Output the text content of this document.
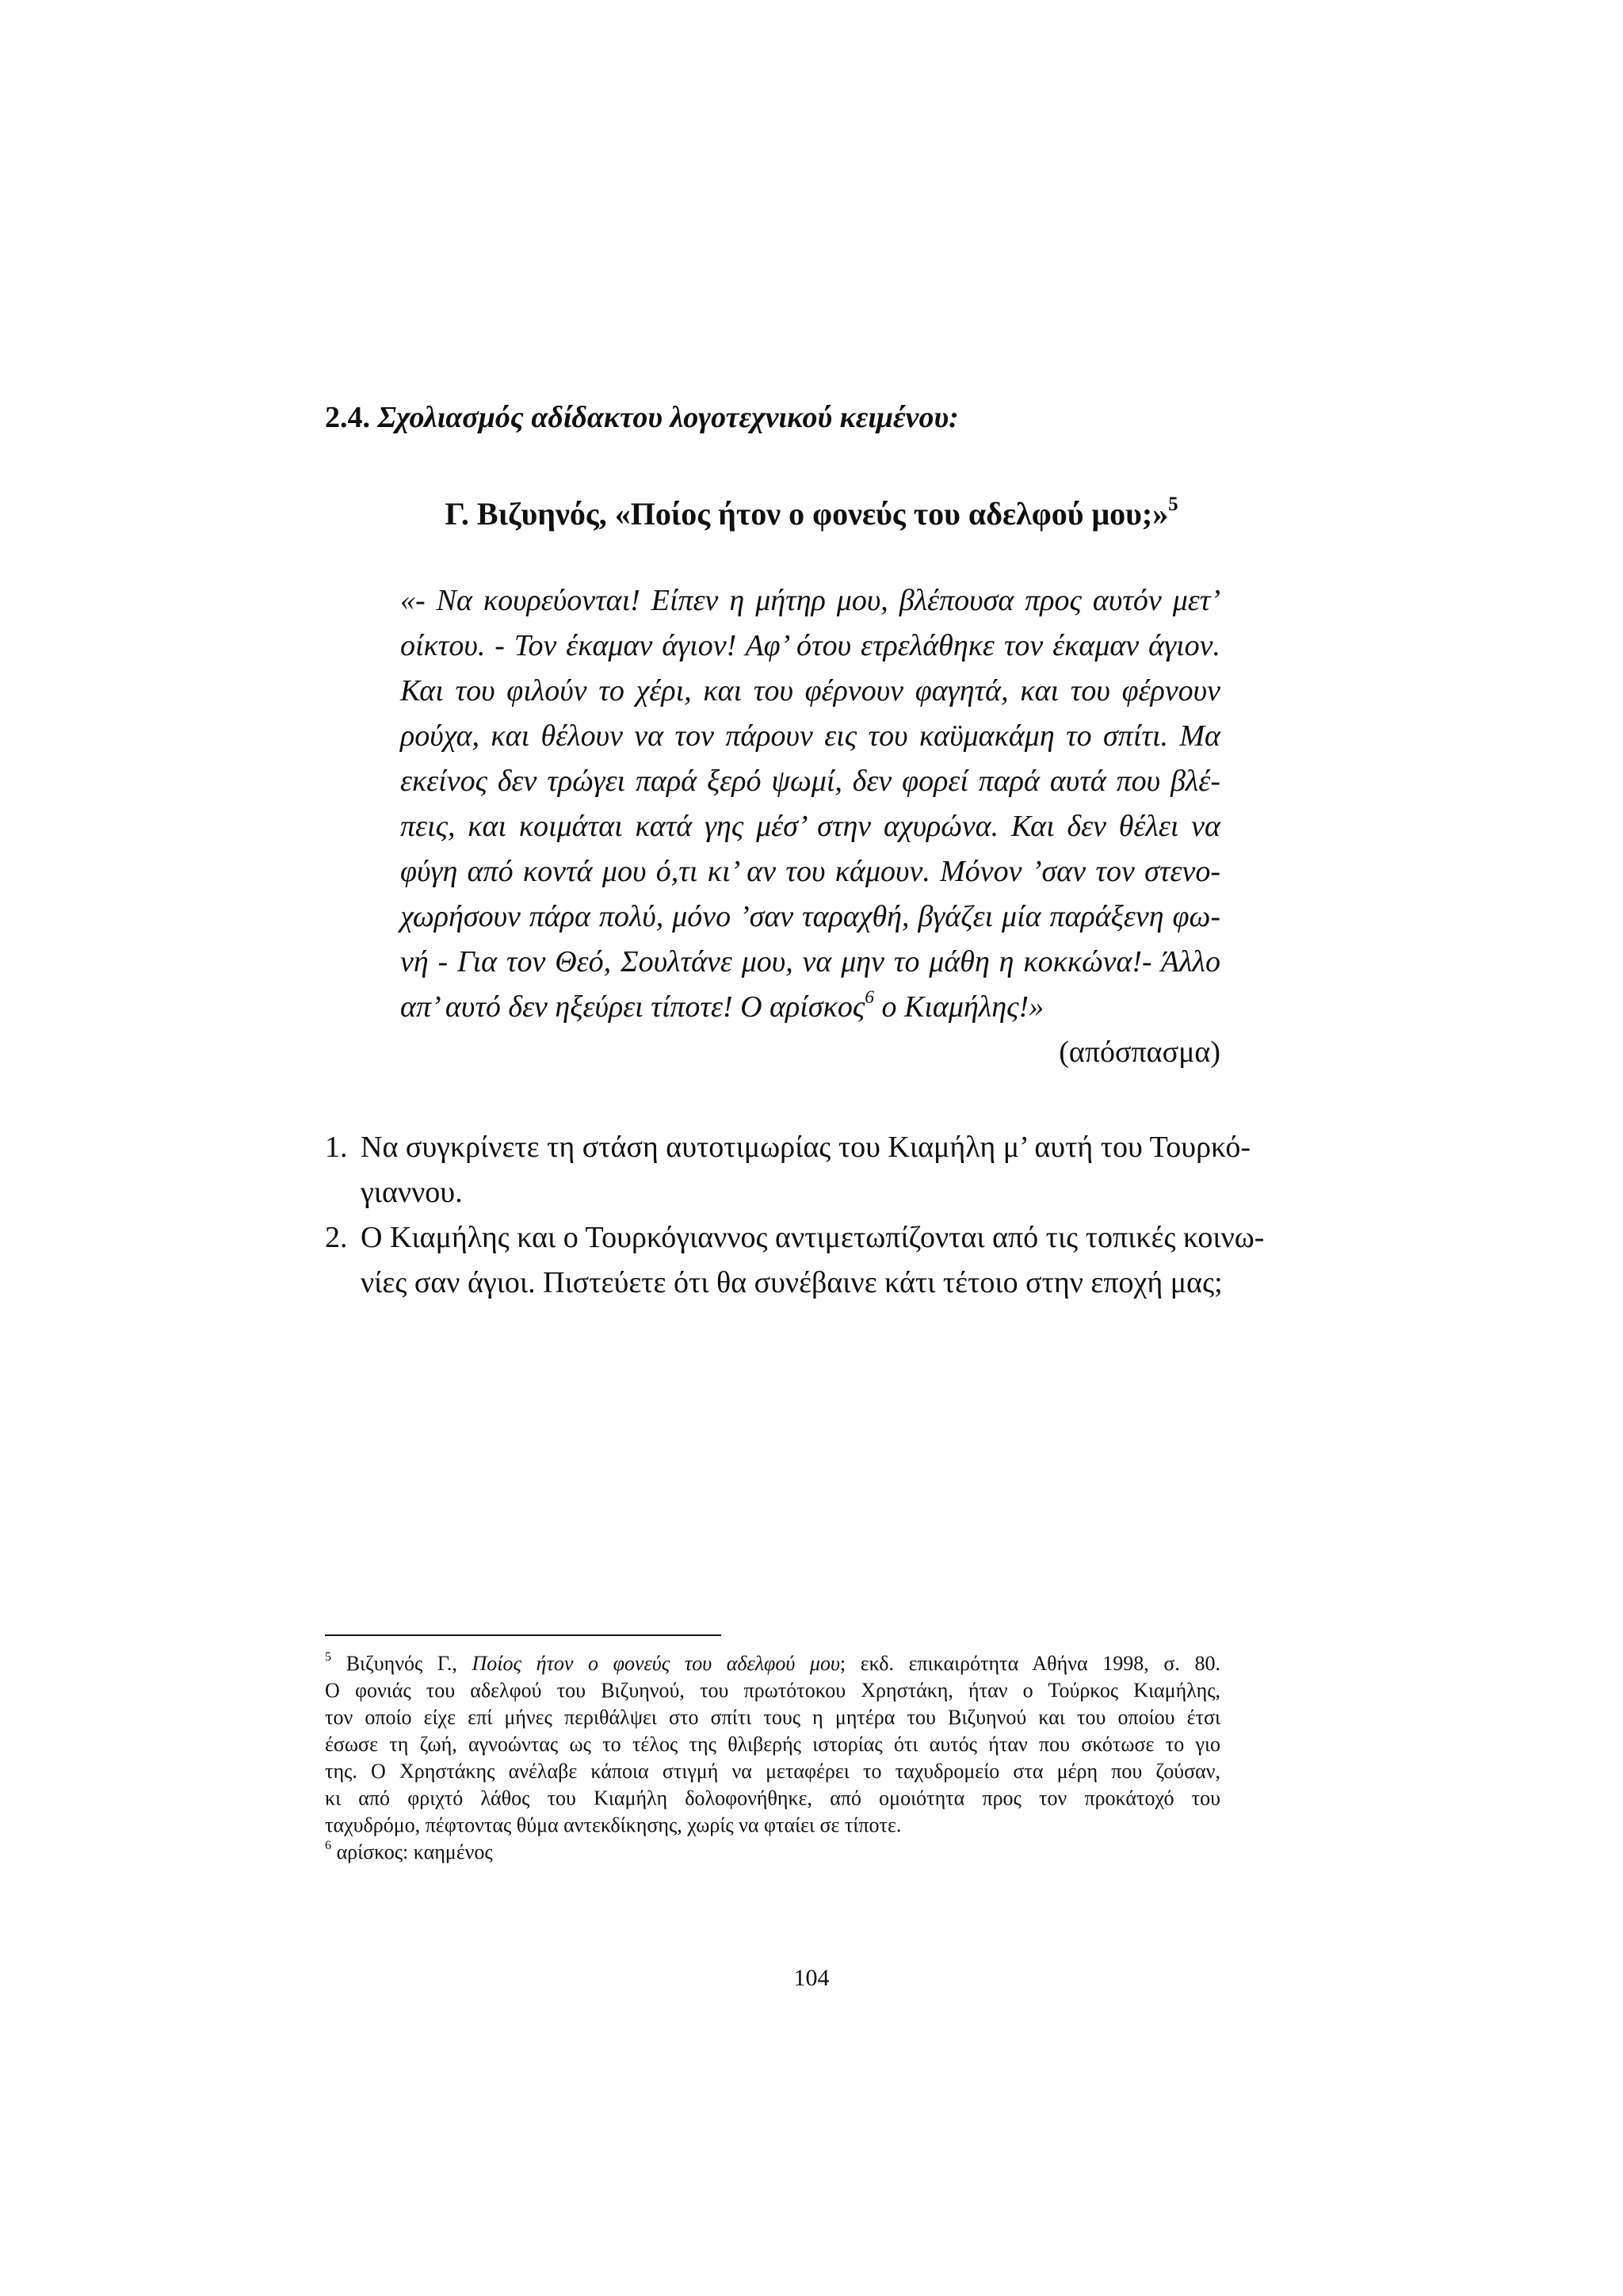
2.4. Σχολιασμός αδίδακτου λογοτεχνικού κειμένου:
Γ. Βιζυηνός, «Ποίος ήτον ο φονεύς του αδελφού μου;»$^5$
«- Να κουρεύονται! Είπεν η μήτηρ μου, βλέπουσα προς αυτόν μετ’
οίκτου. - Τον έκαμαν άγιον! Αφ’ ότου ετρελάθηκε τον έκαμαν άγιον.
Και του φιλούν το χέρι, και του φέρνουν φαγητά, και του φέρνουν
ρούχα, και θέλουν να τον πάρουν εις του καϋμακάμη το σπίτι. Μα
εκείνος δεν τρώγει παρά ξερό ψωμί, δεν φορεί παρά αυτά που βλέ-
πεις, και κοιμάται κατά γης μέσ’ στην αχυρώνα. Και δεν θέλει να
φύγη από κοντά μου ό,τι κι’ αν του κάμουν. Μόνον ’σαν τον στενο-
χωρήσουν πάρα πολύ, μόνο ’σαν ταραχθή, βγάζει μία παράξενη φω-
νή - Για τον Θεό, Σουλτάνε μου, να μην το μάθη η κοκκώνα!- Άλλο
απ’ αυτό δεν ηξεύρει τίποτε! Ο αρίσκος$^6$ ο Κιαμήλης!»
(απόσπασμα)
1. Να συγκρίνετε τη στάση αυτοτιμωρίας του Κιαμήλη μ’ αυτή του Τουρκό-
γιαννου.
2. Ο Κιαμήλης και ο Τουρκόγιαννος αντιμετωπίζονται από τις τοπικές κοινω-
νίες σαν άγιοι. Πιστεύετε ότι θα συνέβαινε κάτι τέτοιο στην εποχή μας;
$^5$ Βιζυηνός Γ., Ποίος ήτον ο φονεύς του αδελφού μου; εκδ. επικαιρότητα Αθήνα 1998, σ. 80.
Ο φονιάς του αδελφού του Βιζυηνού, του πρωτότοκου Χρηστάκη, ήταν ο Τούρκος Κιαμήλης,
τον οποίο είχε επί μήνες περιθάλψει στο σπίτι τους η μητέρα του Βιζυηνού και του οποίου έτσι
έσωσε τη ζωή, αγνοώντας ως το τέλος της θλιβερής ιστορίας ότι αυτός ήταν που σκότωσε το γιο
της. Ο Χρηστάκης ανέλαβε κάποια στιγμή να μεταφέρει το ταχυδρομείο στα μέρη που ζούσαν,
κι από φριχτό λάθος του Κιαμήλη δολοφονήθηκε, από ομοιότητα προς τον προκάτοχό του
ταχυδρόμο, πέφτοντας θύμα αντεκδίκησης, χωρίς να φταίει σε τίποτε.
$^6$ αρίσκος: καημένος
104
